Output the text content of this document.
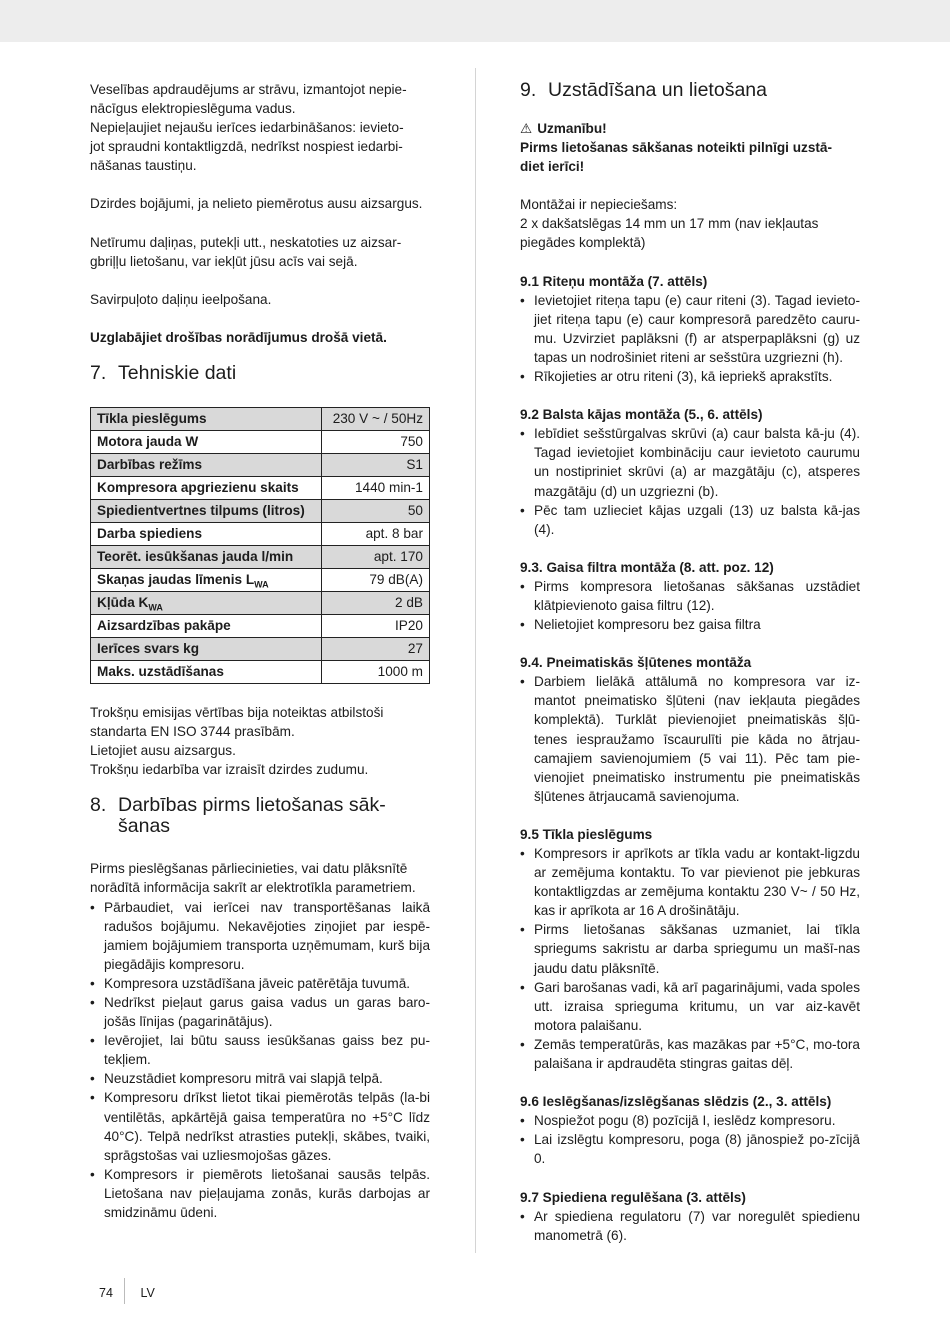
Veselības apdraudējums ar strāvu, izmantojot nepie-
nācīgus elektropieslēguma vadus.

Nepieļaujiet nejaušu ierīces iedarbināšanos: ievieto-
jot spraudni kontaktligzdā, nedrīkst nospiest iedarbi-
nāšanas taustiņu.

Dzirdes bojājumi, ja nelieto piemērotus ausu aizsargus.

Netīrumu daļiņas, putekļi utt., neskatoties uz aizsar-
gbriļļu lietošanu, var iekļūt jūsu acīs vai sejā.

Savirpuļoto daļiņu ieelpošana.

Uzglabājiet drošības norādījumus drošā vietā.

7. Tehniskie dati
Tīkla pieslēgums	230 V ~ / 50Hz
Motora jauda W	750
Darbības režīms	S1
Kompresora apgriezienu skaits	1440 min-1
Spiedientvertnes tilpums (litros)	50
Darba spiediens	apt. 8 bar
Teorēt. iesūkšanas jauda l/min	apt. 170
Skaņas jaudas līmenis $L_{WA}$	79 dB(A)
Kļūda $K_{WA}$	2 dB
Aizsardzības pakāpe	IP20
Ierīces svars kg	27
Maks. uzstādīšanas	1000 m

Trokšņu emisijas vērtības bija noteiktas atbilstoši
standarta EN ISO 3744 prasībām.
Lietojiet ausu aizsargus.
Trokšņu iedarbība var izraisīt dzirdes zudumu.

8. Darbības pirms lietošanas sāk-
šanas

Pirms pieslēgšanas pārliecinieties, vai datu plāksnītē
norādītā informācija sakrīt ar elektrotīkla parametriem.

• Pārbaudiet, vai ierīcei nav transportēšanas laikā radušos bojājumu. Nekavējoties ziņojiet par iespē-jamiem bojājumiem transporta uzņēmumam, kurš bija piegādājis kompresoru.
• Kompresora uzstādīšana jāveic patērētāja tuvumā.
• Nedrīkst pieļaut garus gaisa vadus un garas baro-jošās līnijas (pagarinātājus).
• Ievērojiet, lai būtu sauss iesūkšanas gaiss bez pu-tekļiem.
• Neuzstādiet kompresoru mitrā vai slapjā telpā.
• Kompresoru drīkst lietot tikai piemērotās telpās (la-bi ventilētās, apkārtējā gaisa temperatūra no +5°C līdz 40°C). Telpā nedrīkst atrasties putekļi, skābes, tvaiki, sprāgstošas vai uzliesmojošas gāzes.
• Kompresors ir piemērots lietošanai sausās telpās. Lietošana nav pieļaujama zonās, kurās darbojas ar smidzināmu ūdeni.
9. Uzstādīšana un lietošana

⚠ Uzmanību!

Pirms lietošanas sākšanas noteikti pilnīgi uzstā-
diet ierīci!

Montāžai ir nepieciešams:
2 x dakšatslēgas 14 mm un 17 mm (nav iekļautas
piegādes komplektā)

9.1 Riteņu montāža (7. attēls)

• Ievietojiet riteņa tapu (e) caur riteni (3). Tagad ievieto-jiet riteņa tapu (e) caur kompresorā paredzēto cauru-mu. Uzvirziet paplāksni (f) ar atsperpaplāksni (g) uz tapas un nodrošiniet riteni ar sešstūra uzgriezni (h).
• Rīkojieties ar otru riteni (3), kā iepriekš aprakstīts.

9.2 Balsta kājas montāža (5., 6. attēls)

• Iebīdiet sešstūrgalvas skrūvi (a) caur balsta kā-ju (4). Tagad ievietojiet kombināciju caur ievietoto caurumu un nostipriniet skrūvi (a) ar mazgātāju (c), atsperes mazgātāju (d) un uzgriezni (b).
• Pēc tam uzlieciet kājas uzgali (13) uz balsta kā-jas (4).

9.3. Gaisa filtra montāža (8. att. poz. 12)

• Pirms kompresora lietošanas sākšanas uzstādiet klātpievienoto gaisa filtru (12).
• Nelietojiet kompresoru bez gaisa filtra

9.4. Pneimatiskās šļūtenes montāža

• Darbiem lielākā attālumā no kompresora var iz-mantot pneimatisko šļūteni (nav iekļauta piegādes komplektā). Turklāt pievienojiet pneimatiskās šļū-tenes iespraužamo īscaurulīti pie kāda no ātrjau-camajiem savienojumiem (5 vai 11). Pēc tam pie-vienojiet pneimatisko instrumentu pie pneimatiskās šļūtenes ātrjaucamā savienojuma.

9.5 Tīkla pieslēgums

• Kompresors ir aprīkots ar tīkla vadu ar kontakt-ligzdu ar zemējuma kontaktu. To var pievienot pie jebkuras kontaktligzdas ar zemējuma kontaktu 230 V~ / 50 Hz, kas ir aprīkota ar 16 A drošinātāju.
• Pirms lietošanas sākšanas uzmaniet, lai tīkla spriegums sakristu ar darba spriegumu un mašī-nas jaudu datu plāksnītē.
• Gari barošanas vadi, kā arī pagarinājumi, vada spoles utt. izraisa sprieguma kritumu, un var aiz-kavēt motora palaišanu.
• Zemās temperatūrās, kas mazākas par +5°C, mo-tora palaišana ir apdraudēta stingras gaitas dēļ.

9.6 Ieslēgšanas/izslēgšanas slēdzis (2., 3. attēls)

• Nospiežot pogu (8) pozīcijā I, ieslēdz kompresoru.
• Lai izslēgtu kompresoru, poga (8) jānospiež po-zīcijā 0.

9.7 Spiediena regulēšana (3. attēls)

• Ar spiediena regulatoru (7) var noregulēt spiedienu manometrā (6).
74 LV
